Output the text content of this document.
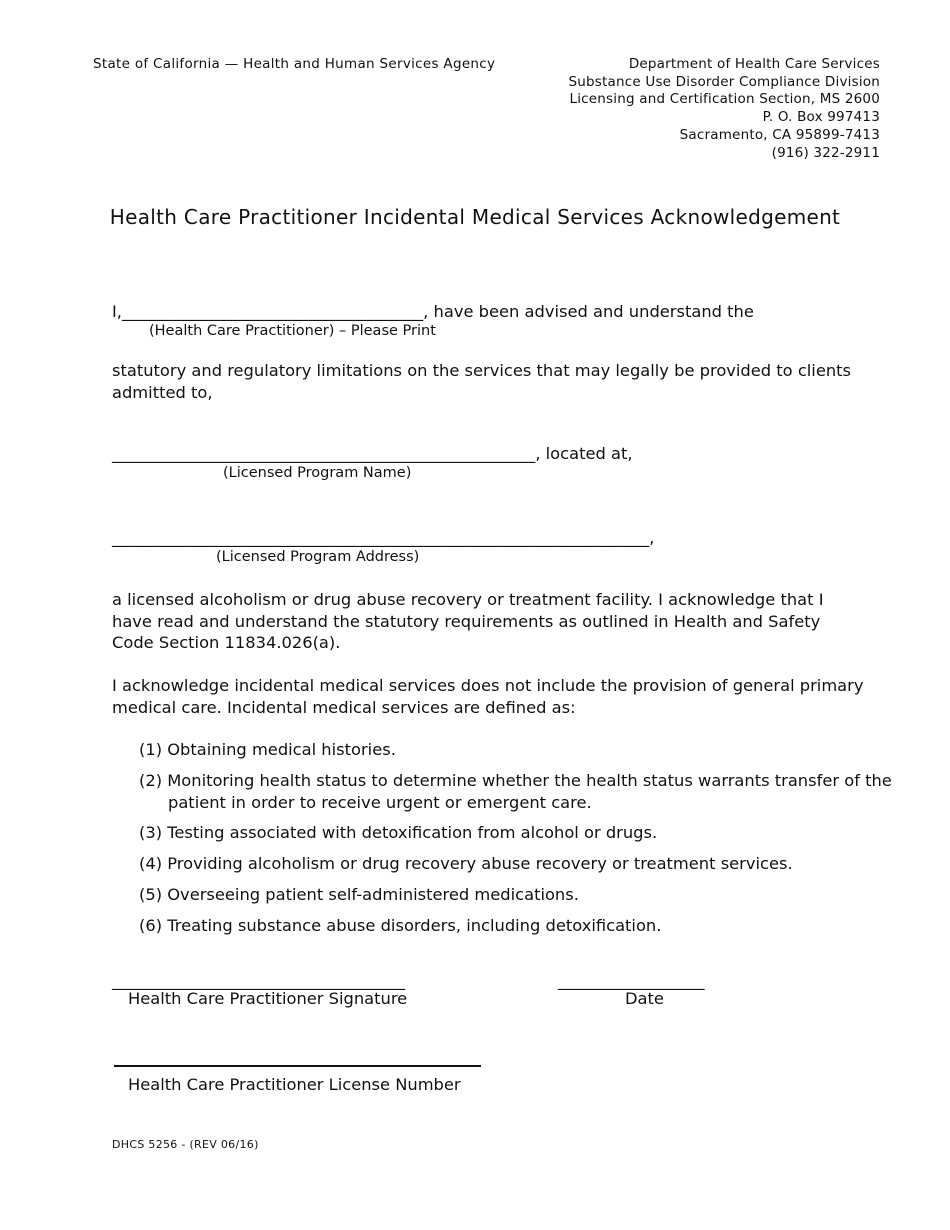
State of California — Health and Human Services Agency	Department of Health Care Services
Substance Use Disorder Compliance Division
Licensing and Certification Section, MS 2600
P. O. Box 997413
Sacramento, CA 95899-7413
(916) 322-2911
Health Care Practitioner Incidental Medical Services Acknowledgement
I,_____________________________________, have been advised and understand the
(Health Care Practitioner) – Please Print
statutory and regulatory limitations on the services that may legally be provided to clients admitted to,
____________________________________________________, located at,
(Licensed Program Name)
__________________________________________________________________,
(Licensed Program Address)
a licensed alcoholism or drug abuse recovery or treatment facility. I acknowledge that I have read and understand the statutory requirements as outlined in Health and Safety Code Section 11834.026(a).
I acknowledge incidental medical services does not include the provision of general primary medical care. Incidental medical services are defined as:
(1) Obtaining medical histories.
(2) Monitoring health status to determine whether the health status warrants transfer of the patient in order to receive urgent or emergent care.
(3) Testing associated with detoxification from alcohol or drugs.
(4) Providing alcoholism or drug recovery abuse recovery or treatment services.
(5) Overseeing patient self-administered medications.
(6) Treating substance abuse disorders, including detoxification.
____________________________________
Health Care Practitioner Signature
__________________
Date
Health Care Practitioner License Number
DHCS 5256 - (REV 06/16)
